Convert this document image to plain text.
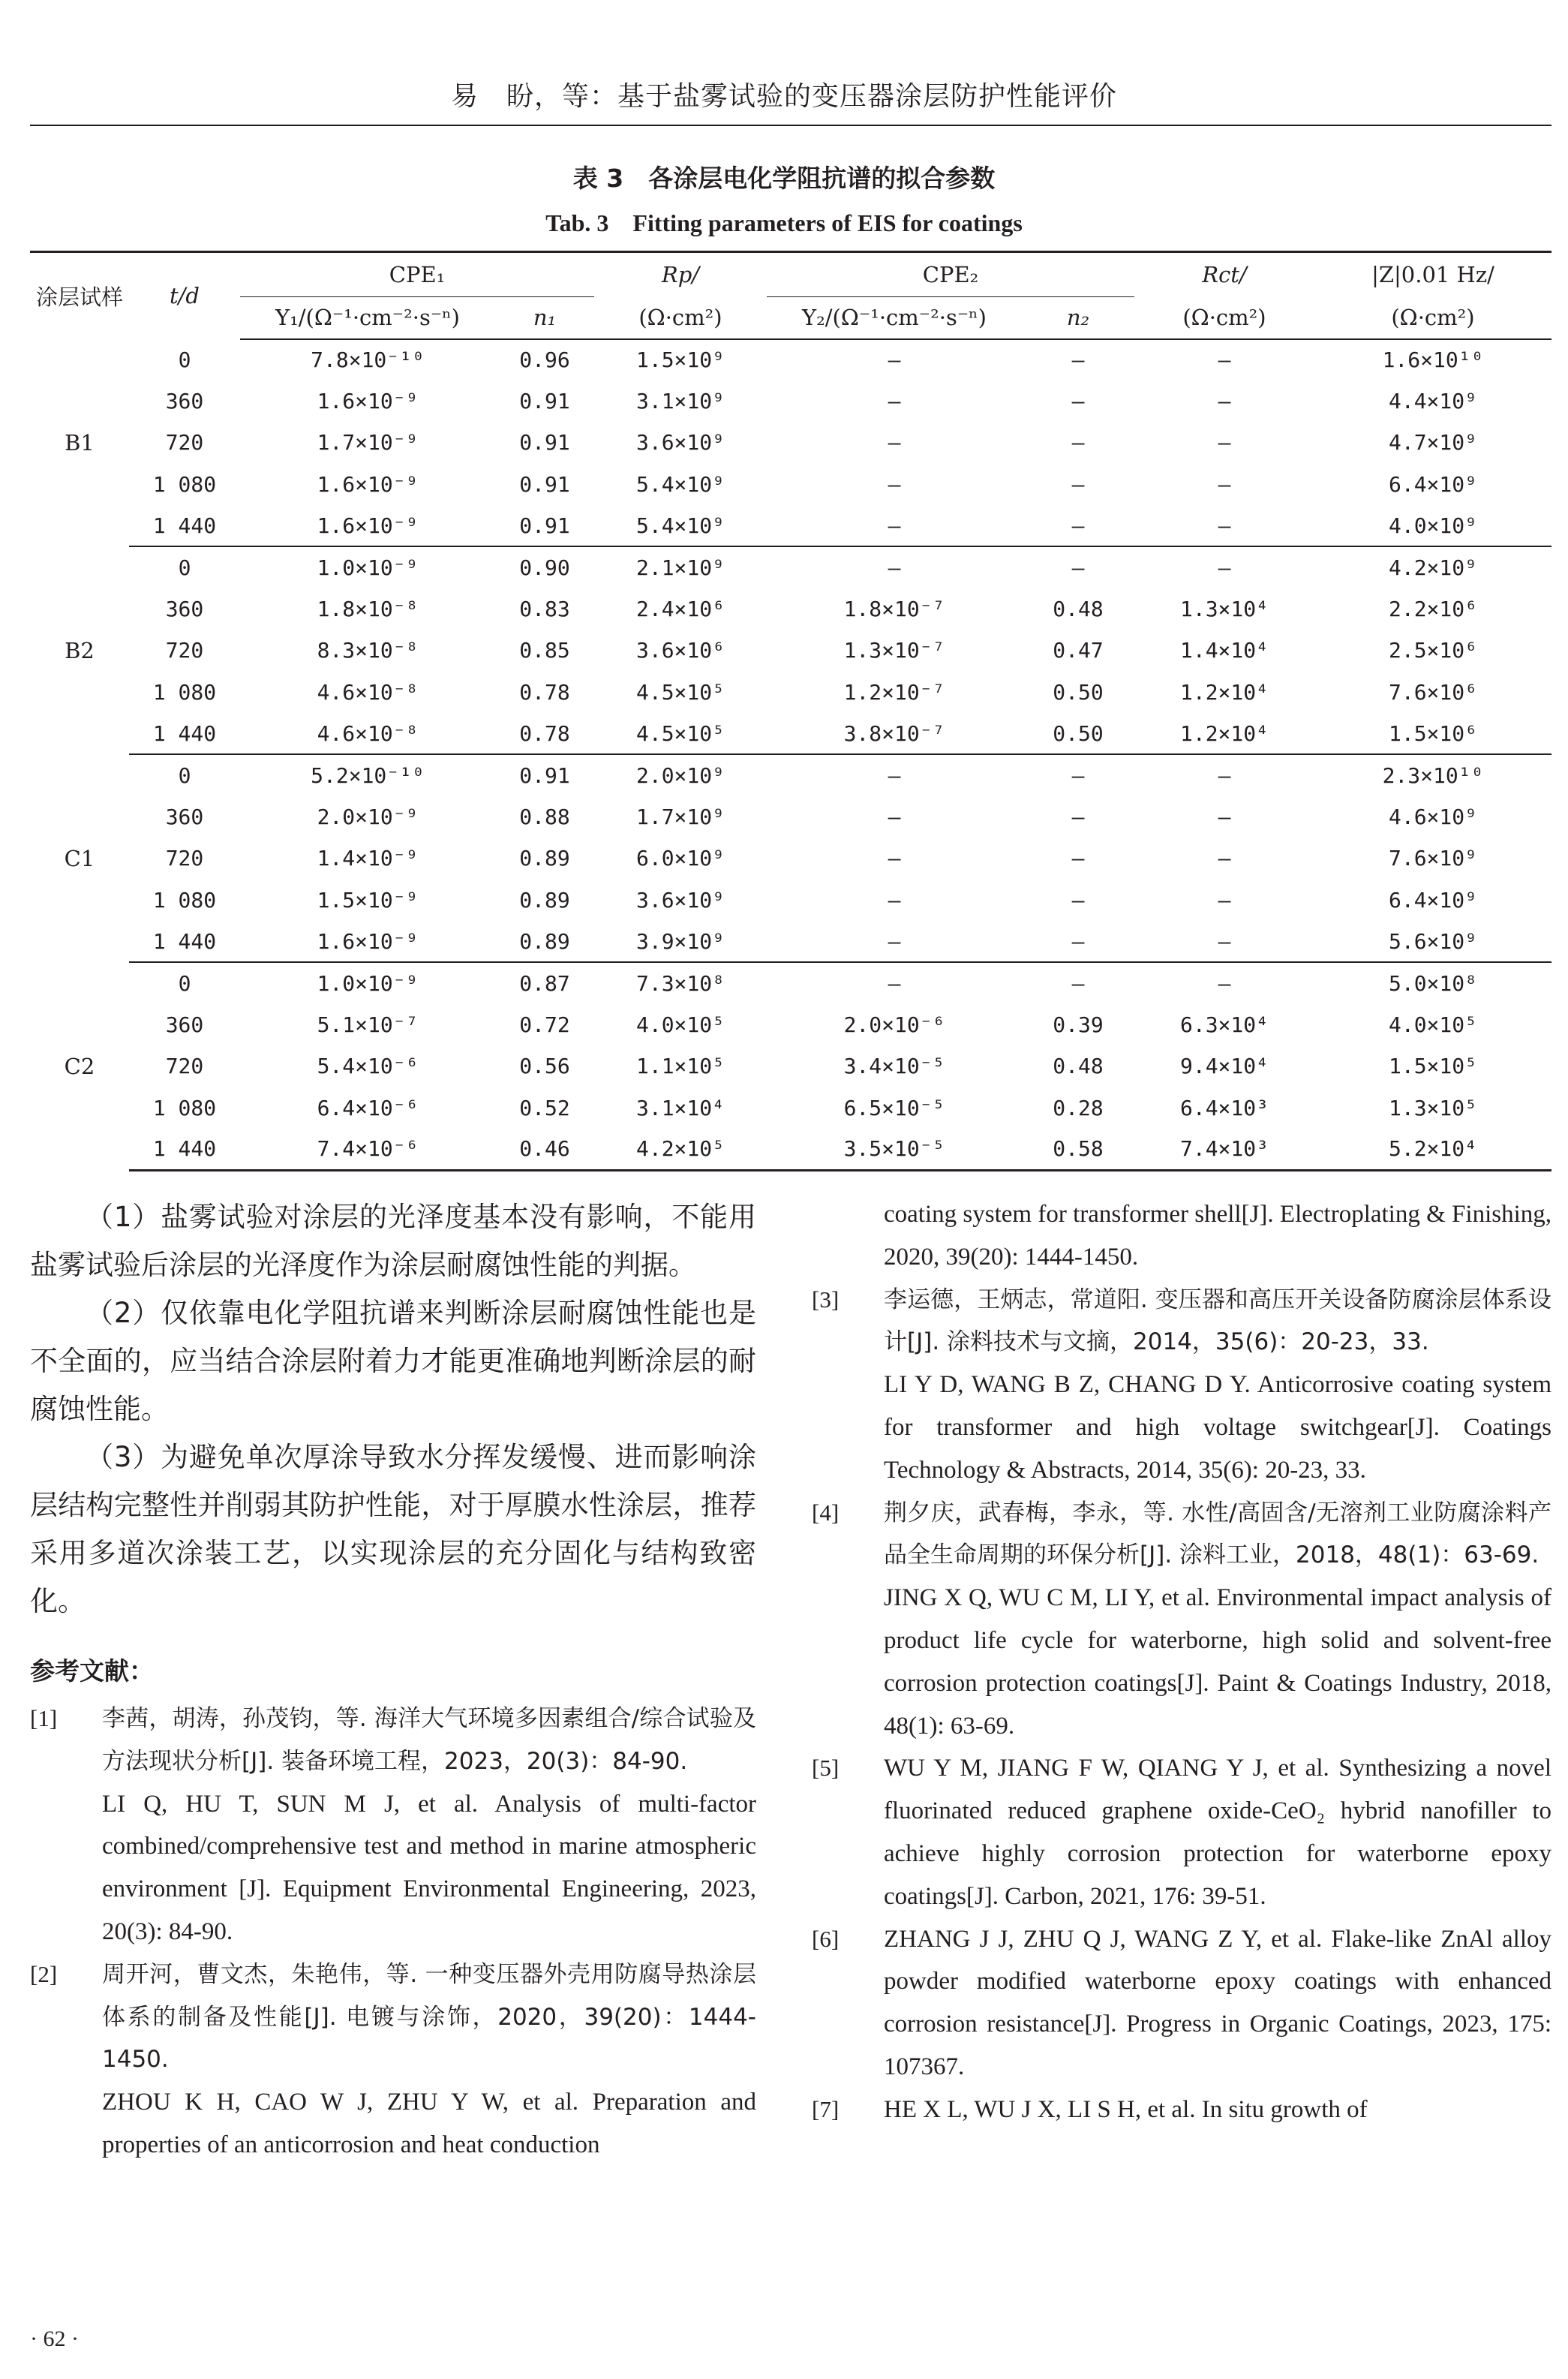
易　盼，等：基于盐雾试验的变压器涂层防护性能评价
表 3　各涂层电化学阻抗谱的拟合参数
Tab. 3　Fitting parameters of EIS for coatings
涂层试样	t/d	CPE₁		Rp/	CPE₂		Rct/	|Z|0.01 Hz/
		Y₁/(Ω⁻¹·cm⁻²·s⁻ⁿ)	n₁	(Ω·cm²)	Y₂/(Ω⁻¹·cm⁻²·s⁻ⁿ)	n₂	(Ω·cm²)	(Ω·cm²)
B1	0	7.8×10⁻¹⁰	0.96	1.5×10⁹	—	—	—	1.6×10¹⁰
	360	1.6×10⁻⁹	0.91	3.1×10⁹	—	—	—	4.4×10⁹
	720	1.7×10⁻⁹	0.91	3.6×10⁹	—	—	—	4.7×10⁹
	1 080	1.6×10⁻⁹	0.91	5.4×10⁹	—	—	—	6.4×10⁹
	1 440	1.6×10⁻⁹	0.91	5.4×10⁹	—	—	—	4.0×10⁹
B2	0	1.0×10⁻⁹	0.90	2.1×10⁹	—	—	—	4.2×10⁹
	360	1.8×10⁻⁸	0.83	2.4×10⁶	1.8×10⁻⁷	0.48	1.3×10⁴	2.2×10⁶
	720	8.3×10⁻⁸	0.85	3.6×10⁶	1.3×10⁻⁷	0.47	1.4×10⁴	2.5×10⁶
	1 080	4.6×10⁻⁸	0.78	4.5×10⁵	1.2×10⁻⁷	0.50	1.2×10⁴	7.6×10⁶
	1 440	4.6×10⁻⁸	0.78	4.5×10⁵	3.8×10⁻⁷	0.50	1.2×10⁴	1.5×10⁶
C1	0	5.2×10⁻¹⁰	0.91	2.0×10⁹	—	—	—	2.3×10¹⁰
	360	2.0×10⁻⁹	0.88	1.7×10⁹	—	—	—	4.6×10⁹
	720	1.4×10⁻⁹	0.89	6.0×10⁹	—	—	—	7.6×10⁹
	1 080	1.5×10⁻⁹	0.89	3.6×10⁹	—	—	—	6.4×10⁹
	1 440	1.6×10⁻⁹	0.89	3.9×10⁹	—	—	—	5.6×10⁹
C2	0	1.0×10⁻⁹	0.87	7.3×10⁸	—	—	—	5.0×10⁸
	360	5.1×10⁻⁷	0.72	4.0×10⁵	2.0×10⁻⁶	0.39	6.3×10⁴	4.0×10⁵
	720	5.4×10⁻⁶	0.56	1.1×10⁵	3.4×10⁻⁵	0.48	9.4×10⁴	1.5×10⁵
	1 080	6.4×10⁻⁶	0.52	3.1×10⁴	6.5×10⁻⁵	0.28	6.4×10³	1.3×10⁵
	1 440	7.4×10⁻⁶	0.46	4.2×10⁵	3.5×10⁻⁵	0.58	7.4×10³	5.2×10⁴

（1）盐雾试验对涂层的光泽度基本没有影响，不能用盐雾试验后涂层的光泽度作为涂层耐腐蚀性能的判据。

（2）仅依靠电化学阻抗谱来判断涂层耐腐蚀性能也是不全面的，应当结合涂层附着力才能更准确地判断涂层的耐腐蚀性能。

（3）为避免单次厚涂导致水分挥发缓慢、进而影响涂层结构完整性并削弱其防护性能，对于厚膜水性涂层，推荐采用多道次涂装工艺，以实现涂层的充分固化与结构致密化。

参考文献：
[1] 李茜，胡涛，孙茂钧，等. 海洋大气环境多因素组合/综合试验及方法现状分析[J]. 装备环境工程，2023，20(3)：84-90.
LI Q, HU T, SUN M J, et al. Analysis of multi-factor combined/comprehensive test and method in marine atmospheric environment [J]. Equipment Environmental Engineering, 2023, 20(3): 84-90.
[2] 周开河，曹文杰，朱艳伟，等. 一种变压器外壳用防腐导热涂层体系的制备及性能[J]. 电镀与涂饰，2020，39(20)：1444-1450.
ZHOU K H, CAO W J, ZHU Y W, et al. Preparation and properties of an anticorrosion and heat conduction
coating system for transformer shell[J]. Electroplating & Finishing, 2020, 39(20): 1444-1450.
[3] 李运德，王炳志，常道阳. 变压器和高压开关设备防腐涂层体系设计[J]. 涂料技术与文摘，2014，35(6)：20-23，33.
LI Y D, WANG B Z, CHANG D Y. Anticorrosive coating system for transformer and high voltage switchgear[J]. Coatings Technology & Abstracts, 2014, 35(6): 20-23, 33.
[4] 荆夕庆，武春梅，李永，等. 水性/高固含/无溶剂工业防腐涂料产品全生命周期的环保分析[J]. 涂料工业，2018，48(1)：63-69.
JING X Q, WU C M, LI Y, et al. Environmental impact analysis of product life cycle for waterborne, high solid and solvent-free corrosion protection coatings[J]. Paint & Coatings Industry, 2018, 48(1): 63-69.
[5] WU Y M, JIANG F W, QIANG Y J, et al. Synthesizing a novel fluorinated reduced graphene oxide-CeO₂ hybrid nanofiller to achieve highly corrosion protection for waterborne epoxy coatings[J]. Carbon, 2021, 176: 39-51.
[6] ZHANG J J, ZHU Q J, WANG Z Y, et al. Flake-like ZnAl alloy powder modified waterborne epoxy coatings with enhanced corrosion resistance[J]. Progress in Organic Coatings, 2023, 175: 107367.
[7] HE X L, WU J X, LI S H, et al. In situ growth of
· 62 ·
